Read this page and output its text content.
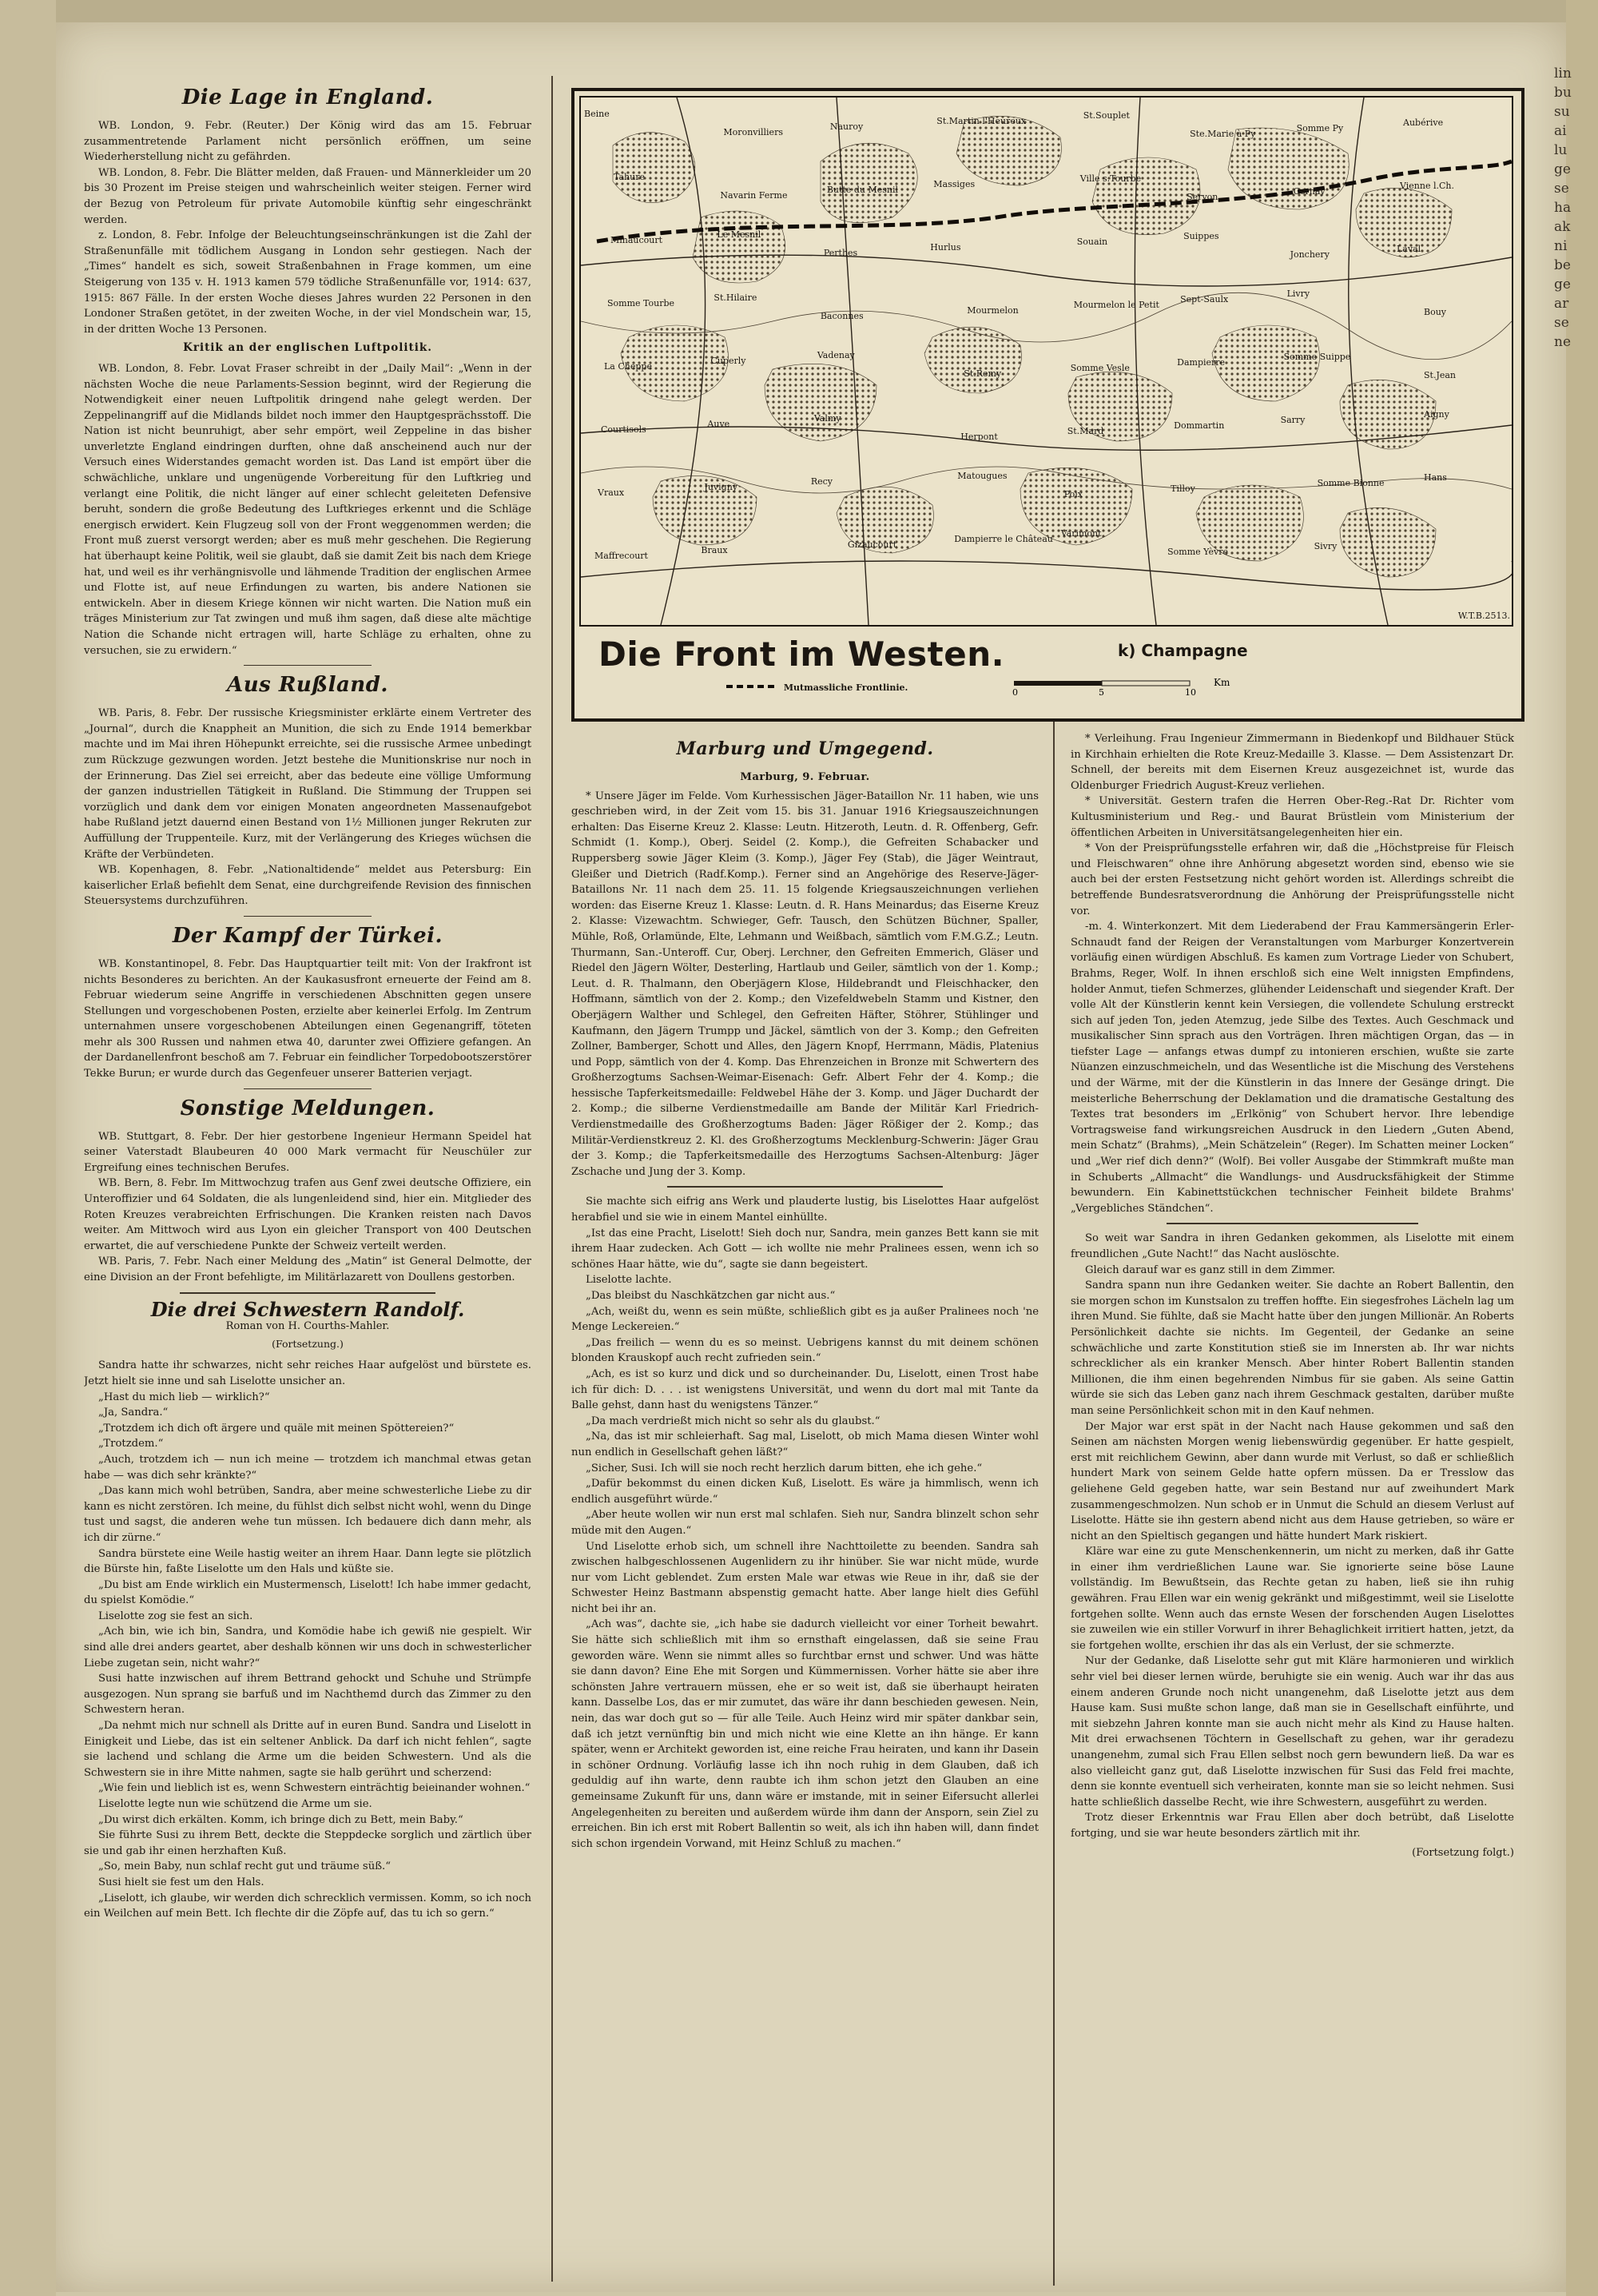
lin
bu
su
ai
lu
ge
se
ha
ak
ni
be
ge
ar
se
ne
Die Lage in England.

WB. London, 9. Febr. (Reuter.) Der König wird das am 15. Februar zusammentretende Parlament nicht persönlich eröffnen, um seine Wiederherstellung nicht zu gefährden.

WB. London, 8. Febr. Die Blätter melden, daß Frauen- und Männerkleider um 20 bis 30 Prozent im Preise steigen und wahrscheinlich weiter steigen. Ferner wird der Bezug von Petroleum für private Automobile künftig sehr eingeschränkt werden.

z. London, 8. Febr. Infolge der Beleuchtungseinschränkungen ist die Zahl der Straßenunfälle mit tödlichem Ausgang in London sehr gestiegen. Nach der „Times“ handelt es sich, soweit Straßenbahnen in Frage kommen, um eine Steigerung von 135 v. H. 1913 kamen 579 tödliche Straßenunfälle vor, 1914: 637, 1915: 867 Fälle. In der ersten Woche dieses Jahres wurden 22 Personen in den Londoner Straßen getötet, in der zweiten Woche, in der viel Mondschein war, 15, in der dritten Woche 13 Personen.

Kritik an der englischen Luftpolitik.

WB. London, 8. Febr. Lovat Fraser schreibt in der „Daily Mail“: „Wenn in der nächsten Woche die neue Parlaments-Session beginnt, wird der Regierung die Notwendigkeit einer neuen Luftpolitik dringend nahe gelegt werden. Der Zeppelinangriff auf die Midlands bildet noch immer den Hauptgesprächsstoff. Die Nation ist nicht beunruhigt, aber sehr empört, weil Zeppeline in das bisher unverletzte England eindringen durften, ohne daß anscheinend auch nur der Versuch eines Widerstandes gemacht worden ist. Das Land ist empört über die schwächliche, unklare und ungenügende Vorbereitung für den Luftkrieg und verlangt eine Politik, die nicht länger auf einer schlecht geleiteten Defensive beruht, sondern die große Bedeutung des Luftkrieges erkennt und die Schläge energisch erwidert. Kein Flugzeug soll von der Front weggenommen werden; die Front muß zuerst versorgt werden; aber es muß mehr geschehen. Die Regierung hat überhaupt keine Politik, weil sie glaubt, daß sie damit Zeit bis nach dem Kriege hat, und weil es ihr verhängnisvolle und lähmende Tradition der englischen Armee und Flotte ist, auf neue Erfindungen zu warten, bis andere Nationen sie entwickeln. Aber in diesem Kriege können wir nicht warten. Die Nation muß ein träges Ministerium zur Tat zwingen und muß ihm sagen, daß diese alte mächtige Nation die Schande nicht ertragen will, harte Schläge zu erhalten, ohne zu versuchen, sie zu erwidern.“

Aus Rußland.

WB. Paris, 8. Febr. Der russische Kriegsminister erklärte einem Vertreter des „Journal“, durch die Knappheit an Munition, die sich zu Ende 1914 bemerkbar machte und im Mai ihren Höhepunkt erreichte, sei die russische Armee unbedingt zum Rückzuge gezwungen worden. Jetzt bestehe die Munitionskrise nur noch in der Erinnerung. Das Ziel sei erreicht, aber das bedeute eine völlige Umformung der ganzen industriellen Tätigkeit in Rußland. Die Stimmung der Truppen sei vorzüglich und dank dem vor einigen Monaten angeordneten Massenaufgebot habe Rußland jetzt dauernd einen Bestand von 1½ Millionen junger Rekruten zur Auffüllung der Truppenteile. Kurz, mit der Verlängerung des Krieges wüchsen die Kräfte der Verbündeten.

WB. Kopenhagen, 8. Febr. „Nationaltidende“ meldet aus Petersburg: Ein kaiserlicher Erlaß befiehlt dem Senat, eine durchgreifende Revision des finnischen Steuersystems durchzuführen.

Der Kampf der Türkei.

WB. Konstantinopel, 8. Febr. Das Hauptquartier teilt mit: Von der Irakfront ist nichts Besonderes zu berichten. An der Kaukasusfront erneuerte der Feind am 8. Februar wiederum seine Angriffe in verschiedenen Abschnitten gegen unsere Stellungen und vorgeschobenen Posten, erzielte aber keinerlei Erfolg. Im Zentrum unternahmen unsere vorgeschobenen Abteilungen einen Gegenangriff, töteten mehr als 300 Russen und nahmen etwa 40, darunter zwei Offiziere gefangen. An der Dardanellenfront beschoß am 7. Februar ein feindlicher Torpedobootszerstörer Tekke Burun; er wurde durch das Gegenfeuer unserer Batterien verjagt.

Sonstige Meldungen.

WB. Stuttgart, 8. Febr. Der hier gestorbene Ingenieur Hermann Speidel hat seiner Vaterstadt Blaubeuren 40 000 Mark vermacht für Neuschüler zur Ergreifung eines technischen Berufes.

WB. Bern, 8. Febr. Im Mittwochzug trafen aus Genf zwei deutsche Offiziere, ein Unteroffizier und 64 Soldaten, die als lungenleidend sind, hier ein. Mitglieder des Roten Kreuzes verabreichten Erfrischungen. Die Kranken reisten nach Davos weiter. Am Mittwoch wird aus Lyon ein gleicher Transport von 400 Deutschen erwartet, die auf verschiedene Punkte der Schweiz verteilt werden.

WB. Paris, 7. Febr. Nach einer Meldung des „Matin“ ist General Delmotte, der eine Division an der Front befehligte, im Militärlazarett von Doullens gestorben.

Die drei Schwestern Randolf.
Roman von H. Courths-Mahler.
(Fortsetzung.)

Sandra hatte ihr schwarzes, nicht sehr reiches Haar aufgelöst und bürstete es. Jetzt hielt sie inne und sah Liselotte unsicher an.

„Hast du mich lieb — wirklich?“

„Ja, Sandra.“

„Trotzdem ich dich oft ärgere und quäle mit meinen Spöttereien?“

„Trotzdem.“

„Auch, trotzdem ich — nun ich meine — trotzdem ich manchmal etwas getan habe — was dich sehr kränkte?“

„Das kann mich wohl betrüben, Sandra, aber meine schwesterliche Liebe zu dir kann es nicht zerstören. Ich meine, du fühlst dich selbst nicht wohl, wenn du Dinge tust und sagst, die anderen wehe tun müssen. Ich bedauere dich dann mehr, als ich dir zürne.“

Sandra bürstete eine Weile hastig weiter an ihrem Haar. Dann legte sie plötzlich die Bürste hin, faßte Liselotte um den Hals und küßte sie.

„Du bist am Ende wirklich ein Mustermensch, Liselott! Ich habe immer gedacht, du spielst Komödie.“

Liselotte zog sie fest an sich.

„Ach bin, wie ich bin, Sandra, und Komödie habe ich gewiß nie gespielt. Wir sind alle drei anders geartet, aber deshalb können wir uns doch in schwesterlicher Liebe zugetan sein, nicht wahr?“

Susi hatte inzwischen auf ihrem Bettrand gehockt und Schuhe und Strümpfe ausgezogen. Nun sprang sie barfuß und im Nachthemd durch das Zimmer zu den Schwestern heran.

„Da nehmt mich nur schnell als Dritte auf in euren Bund. Sandra und Liselott in Einigkeit und Liebe, das ist ein seltener Anblick. Da darf ich nicht fehlen“, sagte sie lachend und schlang die Arme um die beiden Schwestern. Und als die Schwestern sie in ihre Mitte nahmen, sagte sie halb gerührt und scherzend:

„Wie fein und lieblich ist es, wenn Schwestern einträchtig beieinander wohnen.“

Liselotte legte nun wie schützend die Arme um sie.

„Du wirst dich erkälten. Komm, ich bringe dich zu Bett, mein Baby.“

Sie führte Susi zu ihrem Bett, deckte die Steppdecke sorglich und zärtlich über sie und gab ihr einen herzhaften Kuß.

„So, mein Baby, nun schlaf recht gut und träume süß.“

Susi hielt sie fest um den Hals.

„Liselott, ich glaube, wir werden dich schrecklich vermissen. Komm, so ich noch ein Weilchen auf mein Bett. Ich flechte dir die Zöpfe auf, das tu ich so gern.“

Beine
Moronvilliers
Nauroy
St.Martin l'Heureux
St.Souplet
Ste.Marie à Py
Somme Py
Aubérive
Tahure
Navarin Ferme
Butte du Mesnil
Massiges
Ville s.Tourbe
Servon
Cernay
Vienne l.Ch.
Minaucourt
Le Mesnil
Perthes
Hurlus
Souain
Suippes
Jonchery
Laval
Somme Tourbe
St.Hilaire
Baconnes
Mourmelon
Mourmelon le Petit
Sept-Saulx
Livry
Bouy
La Cheppe
Cuperly
Vadenay
St.Remy
Somme Vesle
Dampierre
Somme Suippe
St.Jean
Courtisols
Auve
Valmy
Herpont
St.Mard
Dommartin
Sarry
Aigny
Vraux
Juvigny
Recy
Matougues
Poix
Tilloy
Somme Bionne
Hans
Maffrecourt
Braux
Gizaucourt
Dampierre le Château
Varimont
Somme Yèvre
Sivry
W.T.B.2513.
Die Front im Westen.	k) Champagne
Mutmassliche Frontlinie.	0	5	10
Km
Marburg und Umgegend.
Marburg, 9. Februar.

* Unsere Jäger im Felde. Vom Kurhessischen Jäger-Bataillon Nr. 11 haben, wie uns geschrieben wird, in der Zeit vom 15. bis 31. Januar 1916 Kriegsauszeichnungen erhalten: Das Eiserne Kreuz 2. Klasse: Leutn. Hitzeroth, Leutn. d. R. Offenberg, Gefr. Schmidt (1. Komp.), Oberj. Seidel (2. Komp.), die Gefreiten Schabacker und Ruppersberg sowie Jäger Kleim (3. Komp.), Jäger Fey (Stab), die Jäger Weintraut, Gleißer und Dietrich (Radf.Komp.). Ferner sind an Angehörige des Reserve-Jäger-Bataillons Nr. 11 nach dem 25. 11. 15 folgende Kriegsauszeichnungen verliehen worden: das Eiserne Kreuz 1. Klasse: Leutn. d. R. Hans Meinardus; das Eiserne Kreuz 2. Klasse: Vizewachtm. Schwieger, Gefr. Tausch, den Schützen Büchner, Spaller, Mühle, Roß, Orlamünde, Elte, Lehmann und Weißbach, sämtlich vom F.M.G.Z.; Leutn. Thurmann, San.-Unteroff. Cur, Oberj. Lerchner, den Gefreiten Emmerich, Gläser und Riedel den Jägern Wölter, Desterling, Hartlaub und Geiler, sämtlich von der 1. Komp.; Leut. d. R. Thalmann, den Oberjägern Klose, Hildebrandt und Fleischhacker, den Hoffmann, sämtlich von der 2. Komp.; den Vizefeldwebeln Stamm und Kistner, den Oberjägern Walther und Schlegel, den Gefreiten Häfter, Stöhrer, Stühlinger und Kaufmann, den Jägern Trumpp und Jäckel, sämtlich von der 3. Komp.; den Gefreiten Zollner, Bamberger, Schott und Alles, den Jägern Knopf, Herrmann, Mädis, Platenius und Popp, sämtlich von der 4. Komp. Das Ehrenzeichen in Bronze mit Schwertern des Großherzogtums Sachsen-Weimar-Eisenach: Gefr. Albert Fehr der 4. Komp.; die hessische Tapferkeitsmedaille: Feldwebel Hähe der 3. Komp. und Jäger Duchardt der 2. Komp.; die silberne Verdienstmedaille am Bande der Militär Karl Friedrich-Verdienstmedaille des Großherzogtums Baden: Jäger Rößiger der 2. Komp.; das Militär-Verdienstkreuz 2. Kl. des Großherzogtums Mecklenburg-Schwerin: Jäger Grau der 3. Komp.; die Tapferkeitsmedaille des Herzogtums Sachsen-Altenburg: Jäger Zschache und Jung der 3. Komp.

Sie machte sich eifrig ans Werk und plauderte lustig, bis Liselottes Haar aufgelöst herabfiel und sie wie in einem Mantel einhüllte.

„Ist das eine Pracht, Liselott! Sieh doch nur, Sandra, mein ganzes Bett kann sie mit ihrem Haar zudecken. Ach Gott — ich wollte nie mehr Pralinees essen, wenn ich so schönes Haar hätte, wie du“, sagte sie dann begeistert.

Liselotte lachte.

„Das bleibst du Naschkätzchen gar nicht aus.“

„Ach, weißt du, wenn es sein müßte, schließlich gibt es ja außer Pralinees noch 'ne Menge Leckereien.“

„Das freilich — wenn du es so meinst. Uebrigens kannst du mit deinem schönen blonden Krauskopf auch recht zufrieden sein.“

„Ach, es ist so kurz und dick und so durcheinander. Du, Liselott, einen Trost habe ich für dich: D. . . . ist wenigstens Universität, und wenn du dort mal mit Tante da Balle gehst, dann hast du wenigstens Tänzer.“

„Da mach verdrießt mich nicht so sehr als du glaubst.“

„Na, das ist mir schleierhaft. Sag mal, Liselott, ob mich Mama diesen Winter wohl nun endlich in Gesellschaft gehen läßt?“

„Sicher, Susi. Ich will sie noch recht herzlich darum bitten, ehe ich gehe.“

„Dafür bekommst du einen dicken Kuß, Liselott. Es wäre ja himmlisch, wenn ich endlich ausgeführt würde.“

„Aber heute wollen wir nun erst mal schlafen. Sieh nur, Sandra blinzelt schon sehr müde mit den Augen.“

Und Liselotte erhob sich, um schnell ihre Nachttoilette zu beenden. Sandra sah zwischen halbgeschlossenen Augenlidern zu ihr hinüber. Sie war nicht müde, wurde nur vom Licht geblendet. Zum ersten Male war etwas wie Reue in ihr, daß sie der Schwester Heinz Bastmann abspenstig gemacht hatte. Aber lange hielt dies Gefühl nicht bei ihr an.

„Ach was“, dachte sie, „ich habe sie dadurch vielleicht vor einer Torheit bewahrt. Sie hätte sich schließlich mit ihm so ernsthaft eingelassen, daß sie seine Frau geworden wäre. Wenn sie nimmt alles so furchtbar ernst und schwer. Und was hätte sie dann davon? Eine Ehe mit Sorgen und Kümmernissen. Vorher hätte sie aber ihre schönsten Jahre vertrauern müssen, ehe er so weit ist, daß sie überhaupt heiraten kann. Dasselbe Los, das er mir zumutet, das wäre ihr dann beschieden gewesen. Nein, nein, das war doch gut so — für alle Teile. Auch Heinz wird mir später dankbar sein, daß ich jetzt vernünftig bin und mich nicht wie eine Klette an ihn hänge. Er kann später, wenn er Architekt geworden ist, eine reiche Frau heiraten, und kann ihr Dasein in schöner Ordnung. Vorläufig lasse ich ihn noch ruhig in dem Glauben, daß ich geduldig auf ihn warte, denn raubte ich ihm schon jetzt den Glauben an eine gemeinsame Zukunft für uns, dann wäre er imstande, mit in seiner Eifersucht allerlei Angelegenheiten zu bereiten und außerdem würde ihm dann der Ansporn, sein Ziel zu erreichen. Bin ich erst mit Robert Ballentin so weit, als ich ihn haben will, dann findet sich schon irgendein Vorwand, mit Heinz Schluß zu machen.“

* Verleihung. Frau Ingenieur Zimmermann in Biedenkopf und Bildhauer Stück in Kirchhain erhielten die Rote Kreuz-Medaille 3. Klasse. — Dem Assistenzart Dr. Schnell, der bereits mit dem Eisernen Kreuz ausgezeichnet ist, wurde das Oldenburger Friedrich August-Kreuz verliehen.

* Universität. Gestern trafen die Herren Ober-Reg.-Rat Dr. Richter vom Kultusministerium und Reg.- und Baurat Brüstlein vom Ministerium der öffentlichen Arbeiten in Universitätsangelegenheiten hier ein.

* Von der Preisprüfungsstelle erfahren wir, daß die „Höchstpreise für Fleisch und Fleischwaren“ ohne ihre Anhörung abgesetzt worden sind, ebenso wie sie auch bei der ersten Festsetzung nicht gehört worden ist. Allerdings schreibt die betreffende Bundesratsverordnung die Anhörung der Preisprüfungsstelle nicht vor.

-m. 4. Winterkonzert. Mit dem Liederabend der Frau Kammersängerin Erler-Schnaudt fand der Reigen der Veranstaltungen vom Marburger Konzertverein vorläufig einen würdigen Abschluß. Es kamen zum Vortrage Lieder von Schubert, Brahms, Reger, Wolf. In ihnen erschloß sich eine Welt innigsten Empfindens, holder Anmut, tiefen Schmerzes, glühender Leidenschaft und siegender Kraft. Der volle Alt der Künstlerin kennt kein Versiegen, die vollendete Schulung erstreckt sich auf jeden Ton, jeden Atemzug, jede Silbe des Textes. Auch Geschmack und musikalischer Sinn sprach aus den Vorträgen. Ihren mächtigen Organ, das — in tiefster Lage — anfangs etwas dumpf zu intonieren erschien, wußte sie zarte Nüanzen einzuschmeicheln, und das Wesentliche ist die Mischung des Verstehens und der Wärme, mit der die Künstlerin in das Innere der Gesänge dringt. Die meisterliche Beherrschung der Deklamation und die dramatische Gestaltung des Textes trat besonders im „Erlkönig“ von Schubert hervor. Ihre lebendige Vortragsweise fand wirkungsreichen Ausdruck in den Liedern „Guten Abend, mein Schatz“ (Brahms), „Mein Schätzelein“ (Reger). Im Schatten meiner Locken“ und „Wer rief dich denn?“ (Wolf). Bei voller Ausgabe der Stimmkraft mußte man in Schuberts „Allmacht“ die Wandlungs- und Ausdrucksfähigkeit der Stimme bewundern. Ein Kabinettstückchen technischer Feinheit bildete Brahms' „Vergebliches Ständchen“.

So weit war Sandra in ihren Gedanken gekommen, als Liselotte mit einem freundlichen „Gute Nacht!“ das Nacht auslöschte.

Gleich darauf war es ganz still in dem Zimmer.

Sandra spann nun ihre Gedanken weiter. Sie dachte an Robert Ballentin, den sie morgen schon im Kunstsalon zu treffen hoffte. Ein siegesfrohes Lächeln lag um ihren Mund. Sie fühlte, daß sie Macht hatte über den jungen Millionär. An Roberts Persönlichkeit dachte sie nichts. Im Gegenteil, der Gedanke an seine schwächliche und zarte Konstitution stieß sie im Innersten ab. Ihr war nichts schrecklicher als ein kranker Mensch. Aber hinter Robert Ballentin standen Millionen, die ihm einen begehrenden Nimbus für sie gaben. Als seine Gattin würde sie sich das Leben ganz nach ihrem Geschmack gestalten, darüber mußte man seine Persönlichkeit schon mit in den Kauf nehmen.

Der Major war erst spät in der Nacht nach Hause gekommen und saß den Seinen am nächsten Morgen wenig liebenswürdig gegenüber. Er hatte gespielt, erst mit reichlichem Gewinn, aber dann wurde mit Verlust, so daß er schließlich hundert Mark von seinem Gelde hatte opfern müssen. Da er Tresslow das geliehene Geld gegeben hatte, war sein Bestand nur auf zweihundert Mark zusammengeschmolzen. Nun schob er in Unmut die Schuld an diesem Verlust auf Liselotte. Hätte sie ihn gestern abend nicht aus dem Hause getrieben, so wäre er nicht an den Spieltisch gegangen und hätte hundert Mark riskiert.

Kläre war eine zu gute Menschenkennerin, um nicht zu merken, daß ihr Gatte in einer ihm verdrießlichen Laune war. Sie ignorierte seine böse Laune vollständig. Im Bewußtsein, das Rechte getan zu haben, ließ sie ihn ruhig gewähren. Frau Ellen war ein wenig gekränkt und mißgestimmt, weil sie Liselotte fortgehen sollte. Wenn auch das ernste Wesen der forschenden Augen Liselottes sie zuweilen wie ein stiller Vorwurf in ihrer Behaglichkeit irritiert hatten, jetzt, da sie fortgehen wollte, erschien ihr das als ein Verlust, der sie schmerzte.

Nur der Gedanke, daß Liselotte sehr gut mit Kläre harmonieren und wirklich sehr viel bei dieser lernen würde, beruhigte sie ein wenig. Auch war ihr das aus einem anderen Grunde noch nicht unangenehm, daß Liselotte jetzt aus dem Hause kam. Susi mußte schon lange, daß man sie in Gesellschaft einführte, und mit siebzehn Jahren konnte man sie auch nicht mehr als Kind zu Hause halten. Mit drei erwachsenen Töchtern in Gesellschaft zu gehen, war ihr geradezu unangenehm, zumal sich Frau Ellen selbst noch gern bewundern ließ. Da war es also vielleicht ganz gut, daß Liselotte inzwischen für Susi das Feld frei machte, denn sie konnte eventuell sich verheiraten, konnte man sie so leicht nehmen. Susi hatte schließlich dasselbe Recht, wie ihre Schwestern, ausgeführt zu werden.

Trotz dieser Erkenntnis war Frau Ellen aber doch betrübt, daß Liselotte fortging, und sie war heute besonders zärtlich mit ihr.

(Fortsetzung folgt.)
